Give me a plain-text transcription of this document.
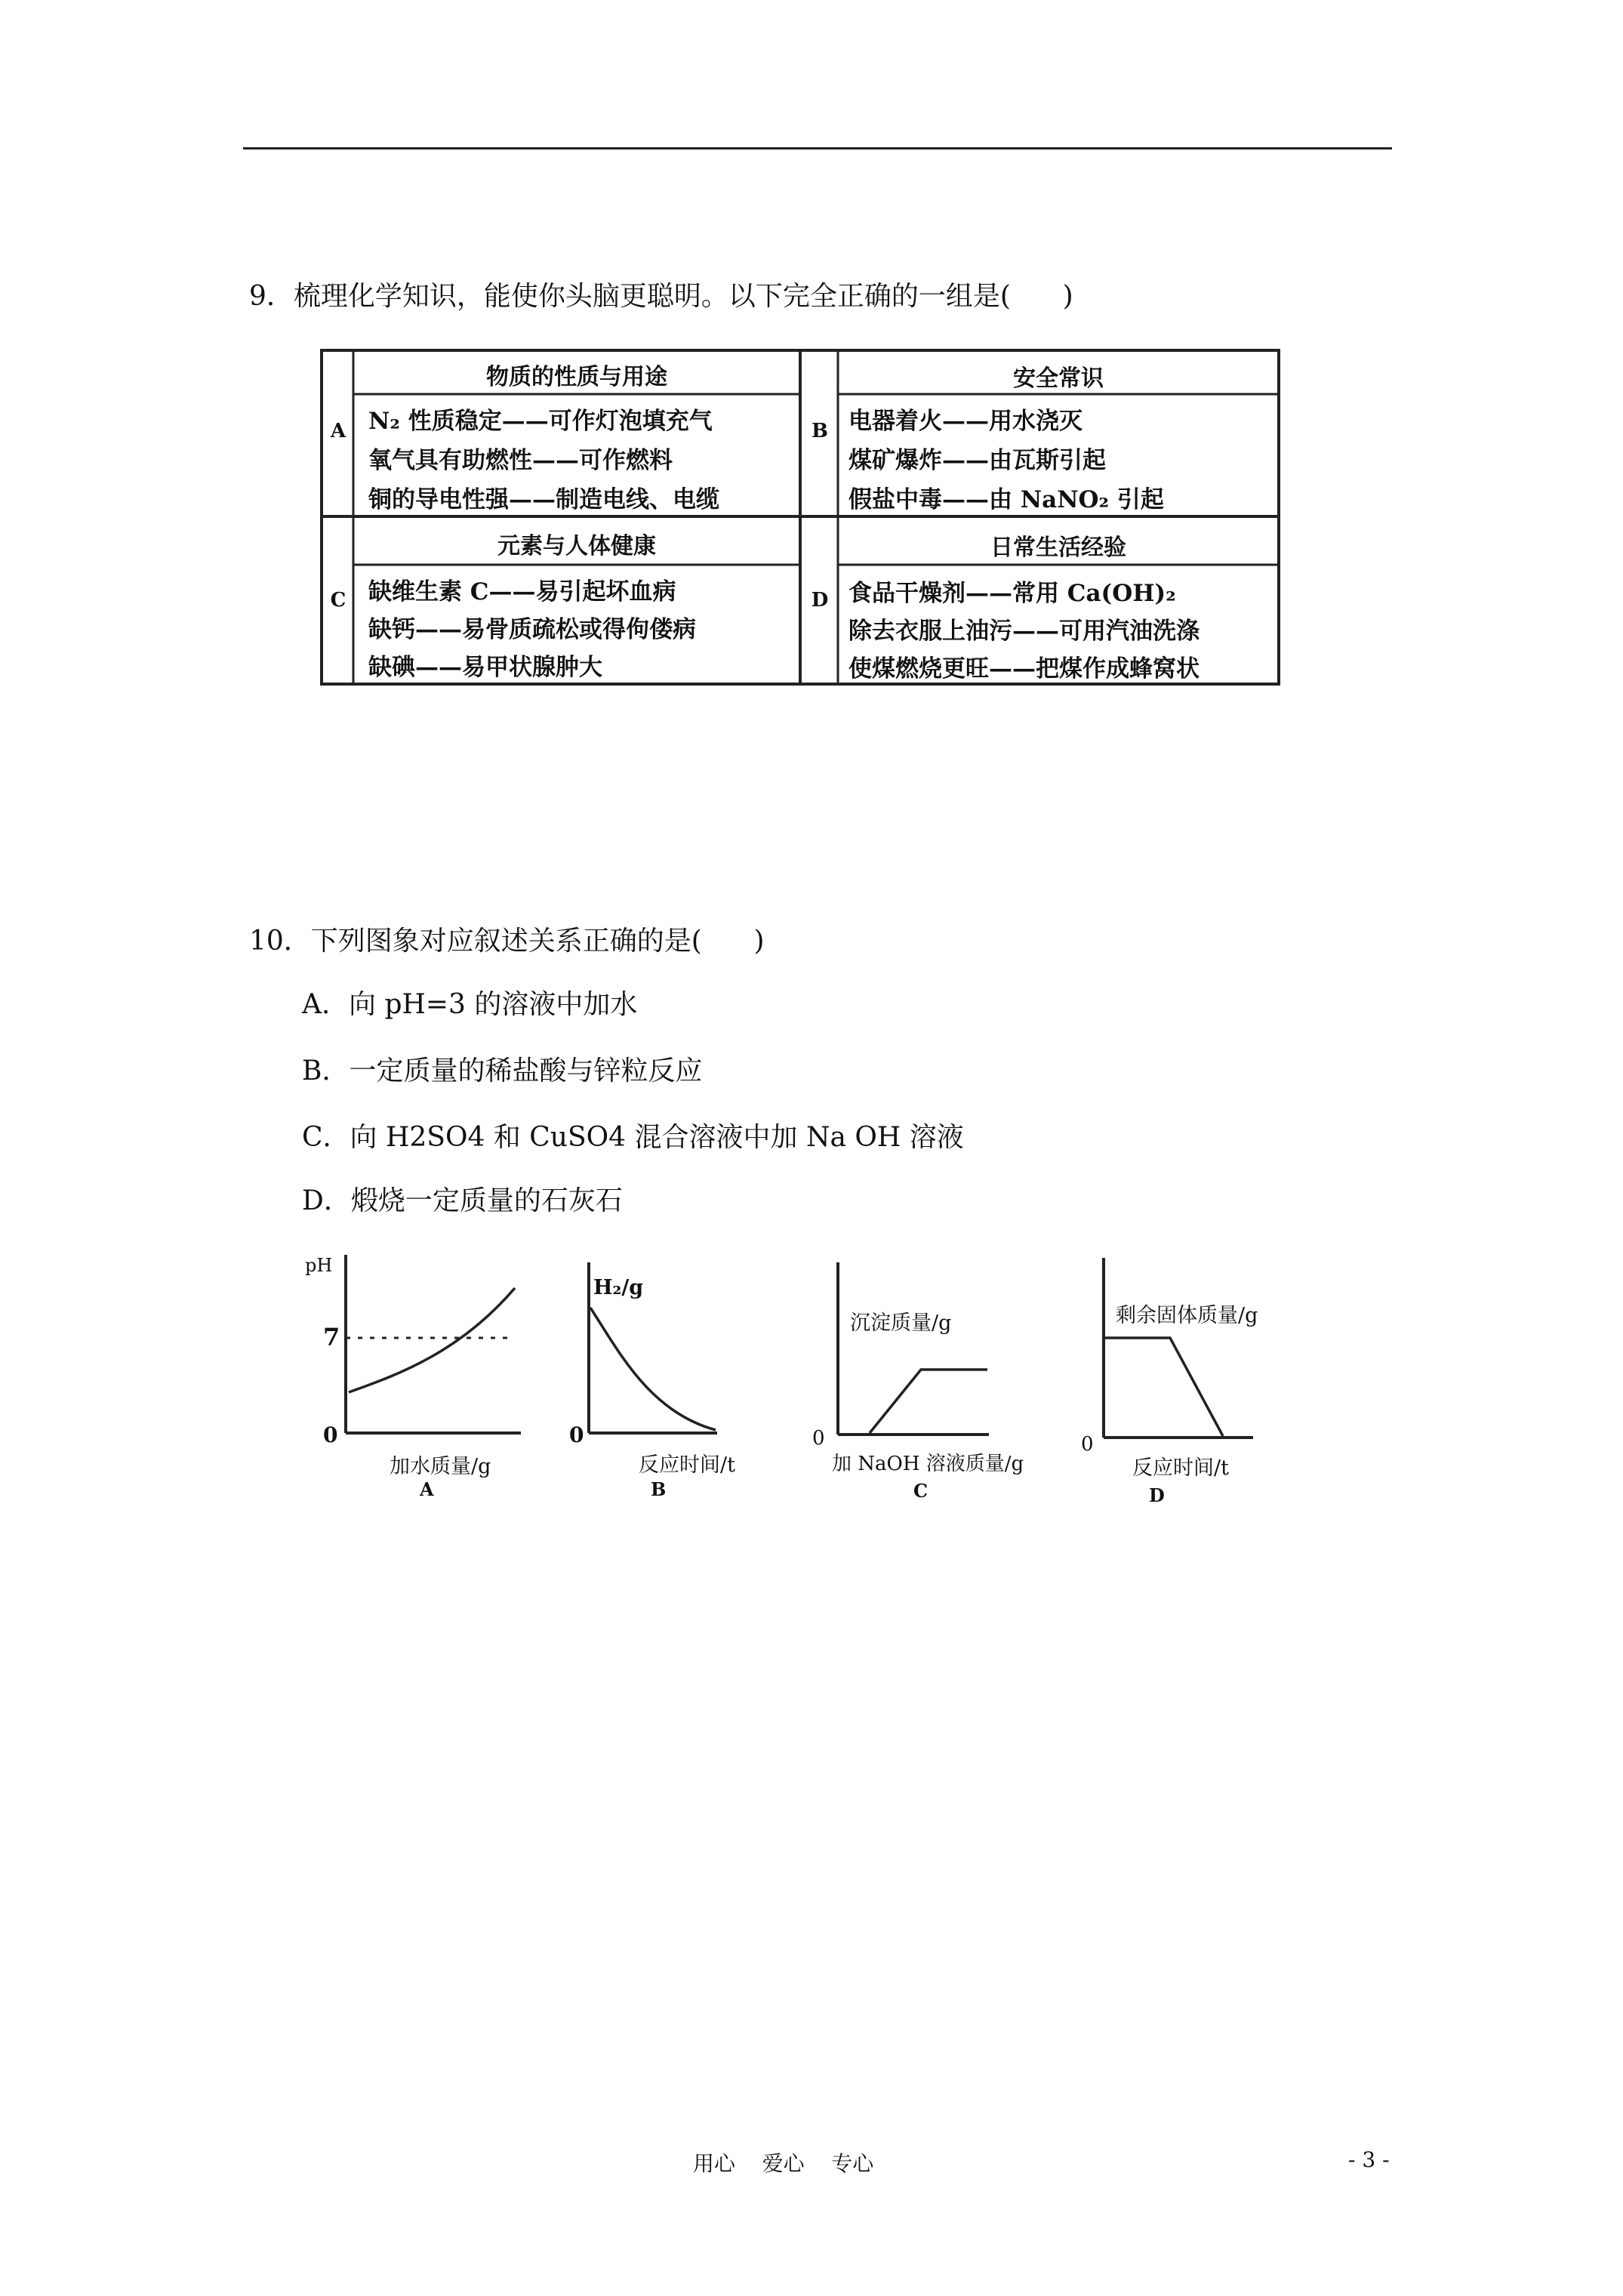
9．梳理化学知识，能使你头脑更聪明。以下完全正确的一组是(      )
A
物质的性质与用途
N₂ 性质稳定——可作灯泡填充气
氧气具有助燃性——可作燃料
铜的导电性强——制造电线、电缆
B
安全常识
电器着火——用水浇灭
煤矿爆炸——由瓦斯引起
假盐中毒——由 NaNO₂ 引起
C
元素与人体健康
缺维生素 C——易引起坏血病
缺钙——易骨质疏松或得佝偻病
缺碘——易甲状腺肿大
D
日常生活经验
食品干燥剂——常用 Ca(OH)₂
除去衣服上油污——可用汽油洗涤
使煤燃烧更旺——把煤作成蜂窝状
10．下列图象对应叙述关系正确的是(      )
A．向 pH=3 的溶液中加水
B．一定质量的稀盐酸与锌粒反应
C．向 H2SO4 和 CuSO4 混合溶液中加 Na OH 溶液
D．煅烧一定质量的石灰石
pH
7
0
加水质量/g
A
H₂/g
0
反应时间/t
B
沉淀质量/g
0
加 NaOH 溶液质量/g
C
剩余固体质量/g
0
反应时间/t
D
用心    爱心    专心	- 3 -
